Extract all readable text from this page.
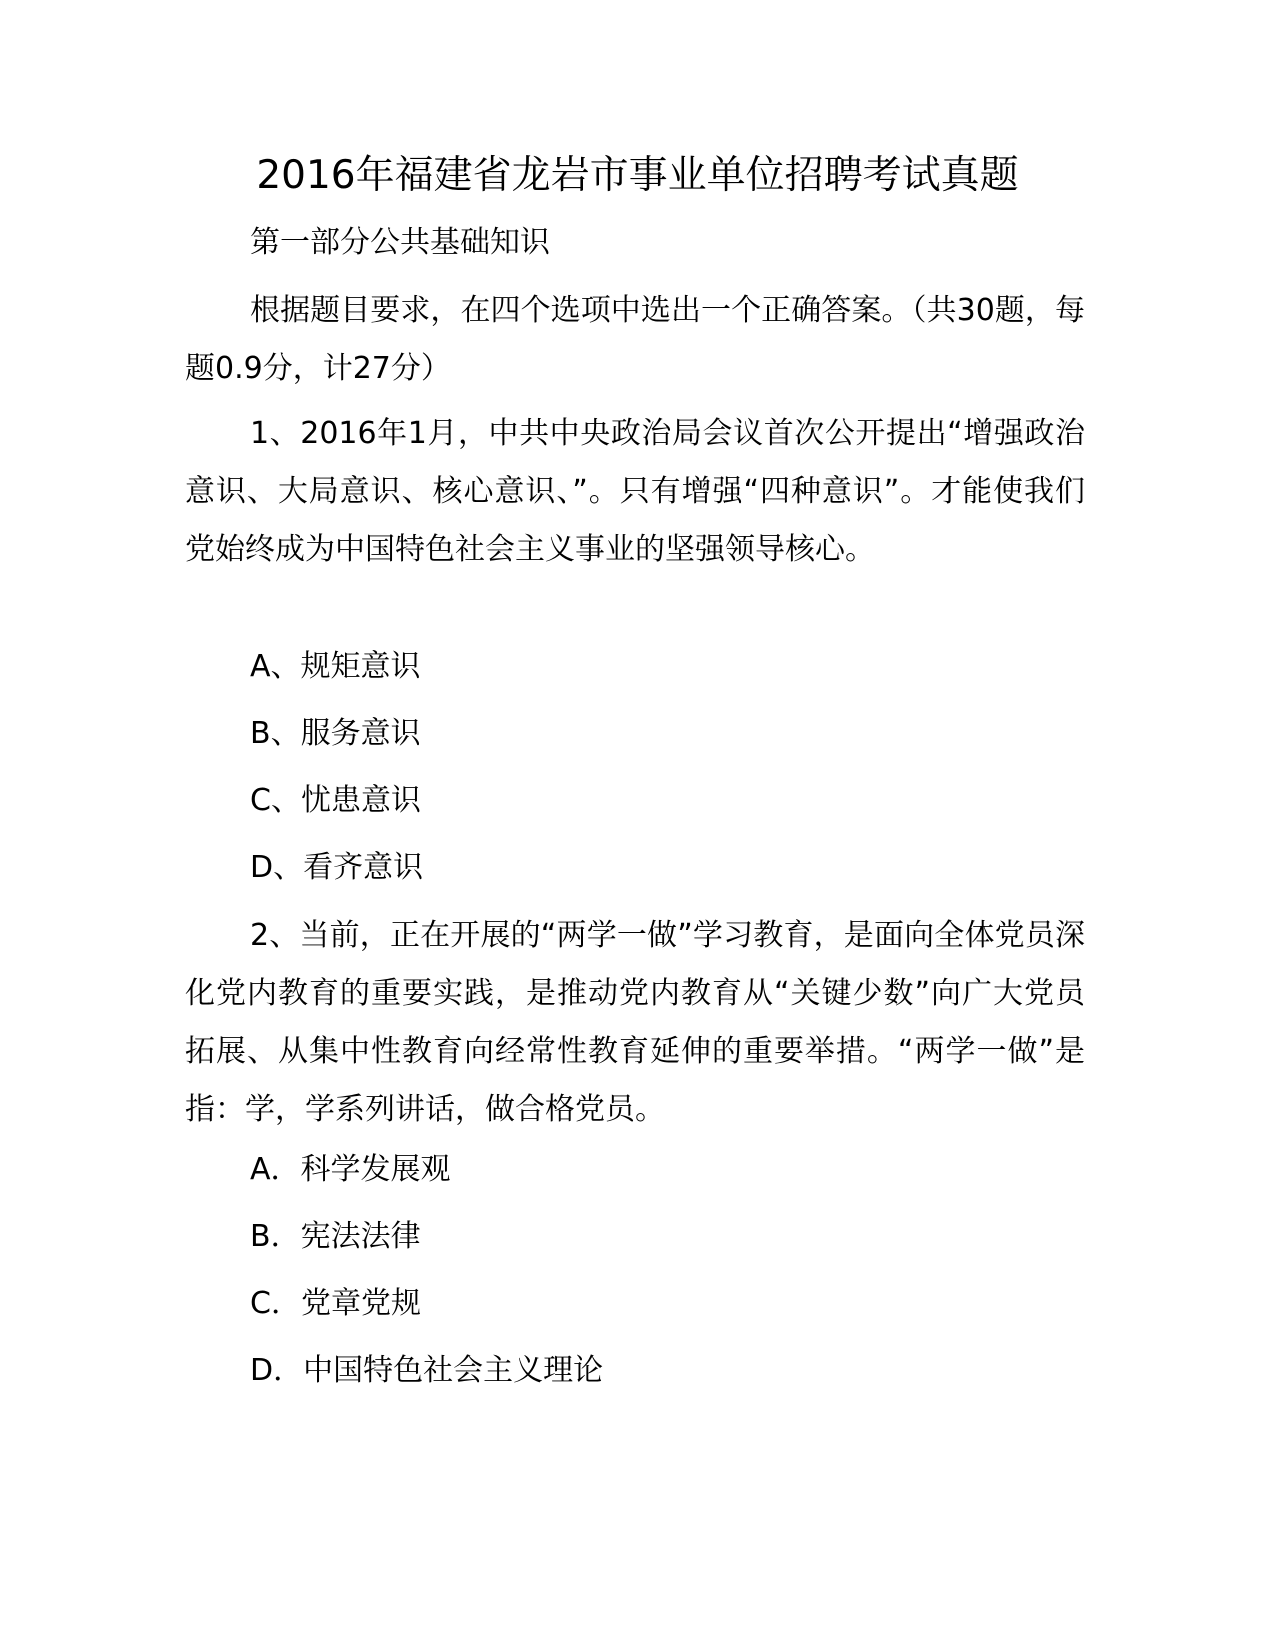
2016年福建省龙岩市事业单位招聘考试真题

第一部分公共基础知识

根据题目要求，在四个选项中选出一个正确答案。（共30题，每题0.9分，计27分）

1、2016年1月，中共中央政治局会议首次公开提出“增强政治意识、大局意识、核心意识、”。只有增强“四种意识”。才能使我们党始终成为中国特色社会主义事业的坚强领导核心。

A、规矩意识

B、服务意识

C、忧患意识

D、看齐意识

2、当前，正在开展的“两学一做”学习教育，是面向全体党员深化党内教育的重要实践，是推动党内教育从“关键少数”向广大党员拓展、从集中性教育向经常性教育延伸的重要举措。“两学一做”是指：学，学系列讲话，做合格党员。

A．科学发展观

B．宪法法律

C．党章党规

D．中国特色社会主义理论
